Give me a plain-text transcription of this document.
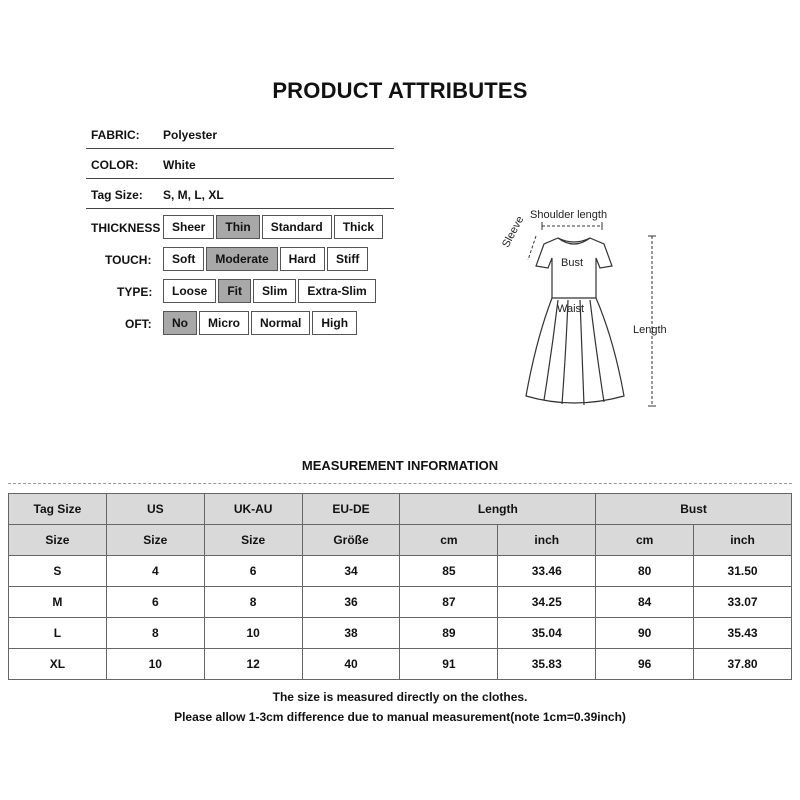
PRODUCT ATTRIBUTES
FABRIC: Polyester
COLOR: White
Tag Size: S, M, L, XL
THICKNESS Sheer	Thin	Standard	Thick
TOUCH:	Soft	Moderate	Hard	Stiff
TYPE:	Loose	Fit	Slim	Extra-Slim
OFT:	No	Micro	Normal	High
Shoulder length
Sleeve
Bust
Waist
Length
MEASUREMENT INFORMATION
Tag Size	US	UK-AU	EU-DE	Length		Bust	
Size	Size	Size	Größe	cm	inch	cm	inch
S	4	6	34	85	33.46	80	31.50
M	6	8	36	87	34.25	84	33.07
L	8	10	38	89	35.04	90	35.43
XL	10	12	40	91	35.83	96	37.80
The size is measured directly on the clothes.
Please allow 1-3cm difference due to manual measurement(note 1cm=0.39inch)
